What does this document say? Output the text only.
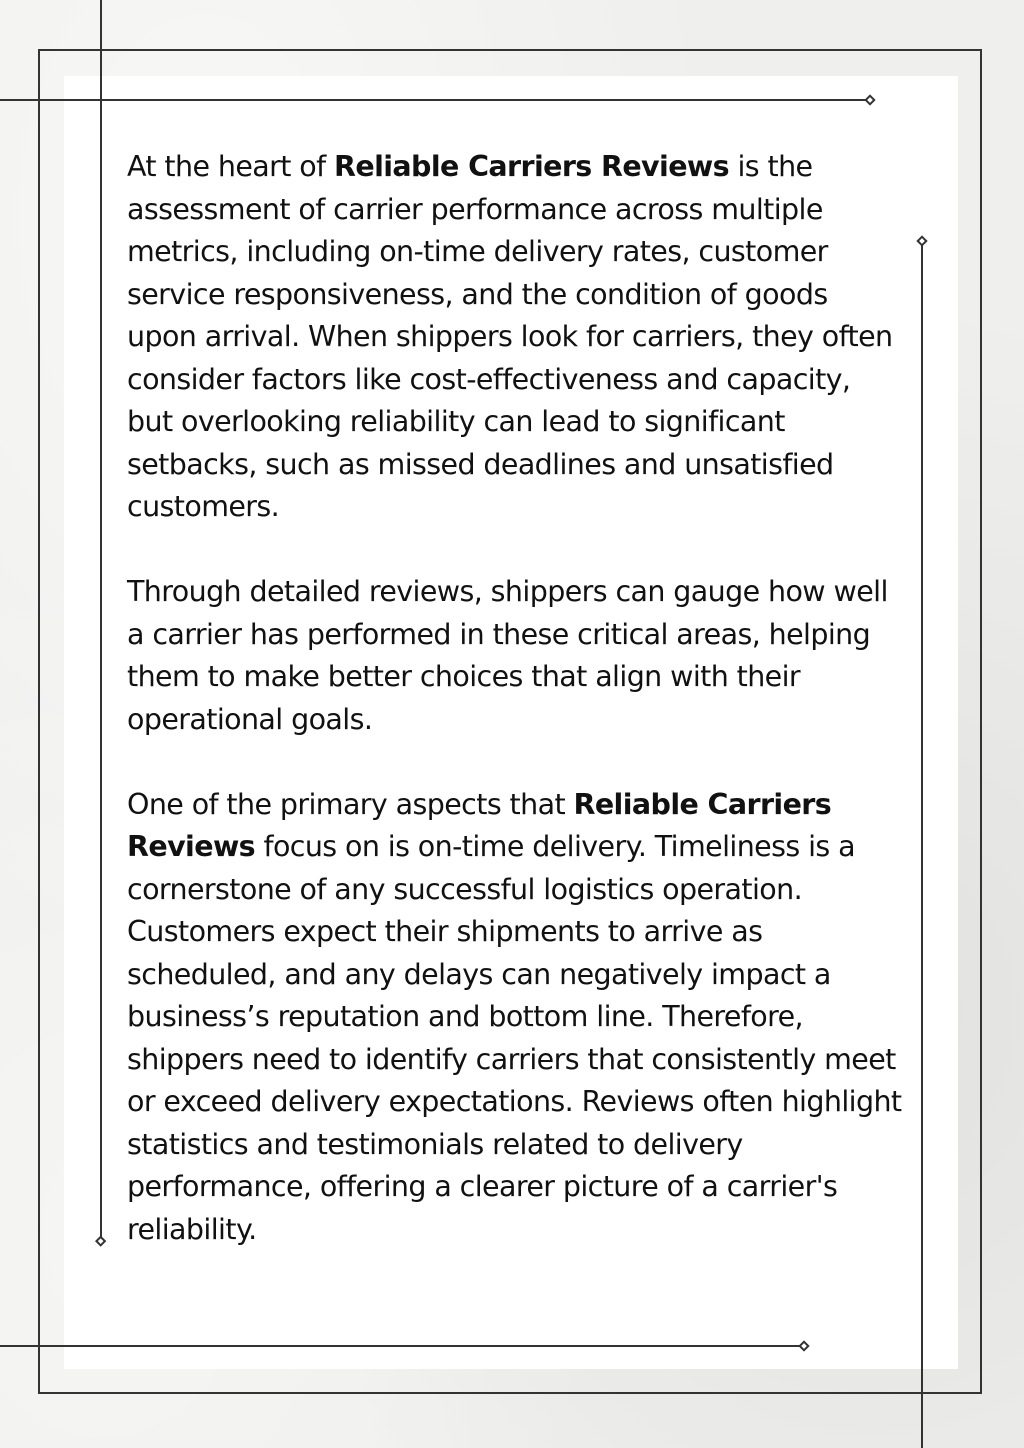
At the heart of Reliable Carriers Reviews is the assessment of carrier performance across multiple metrics, including on-time delivery rates, customer service responsiveness, and the condition of goods upon arrival. When shippers look for carriers, they often consider factors like cost-effectiveness and capacity, but overlooking reliability can lead to significant setbacks, such as missed deadlines and unsatisfied customers.

Through detailed reviews, shippers can gauge how well a carrier has performed in these critical areas, helping them to make better choices that align with their operational goals.

One of the primary aspects that Reliable Carriers Reviews focus on is on-time delivery. Timeliness is a cornerstone of any successful logistics operation. Customers expect their shipments to arrive as scheduled, and any delays can negatively impact a business’s reputation and bottom line. Therefore, shippers need to identify carriers that consistently meet or exceed delivery expectations. Reviews often highlight statistics and testimonials related to delivery performance, offering a clearer picture of a carrier's reliability.
